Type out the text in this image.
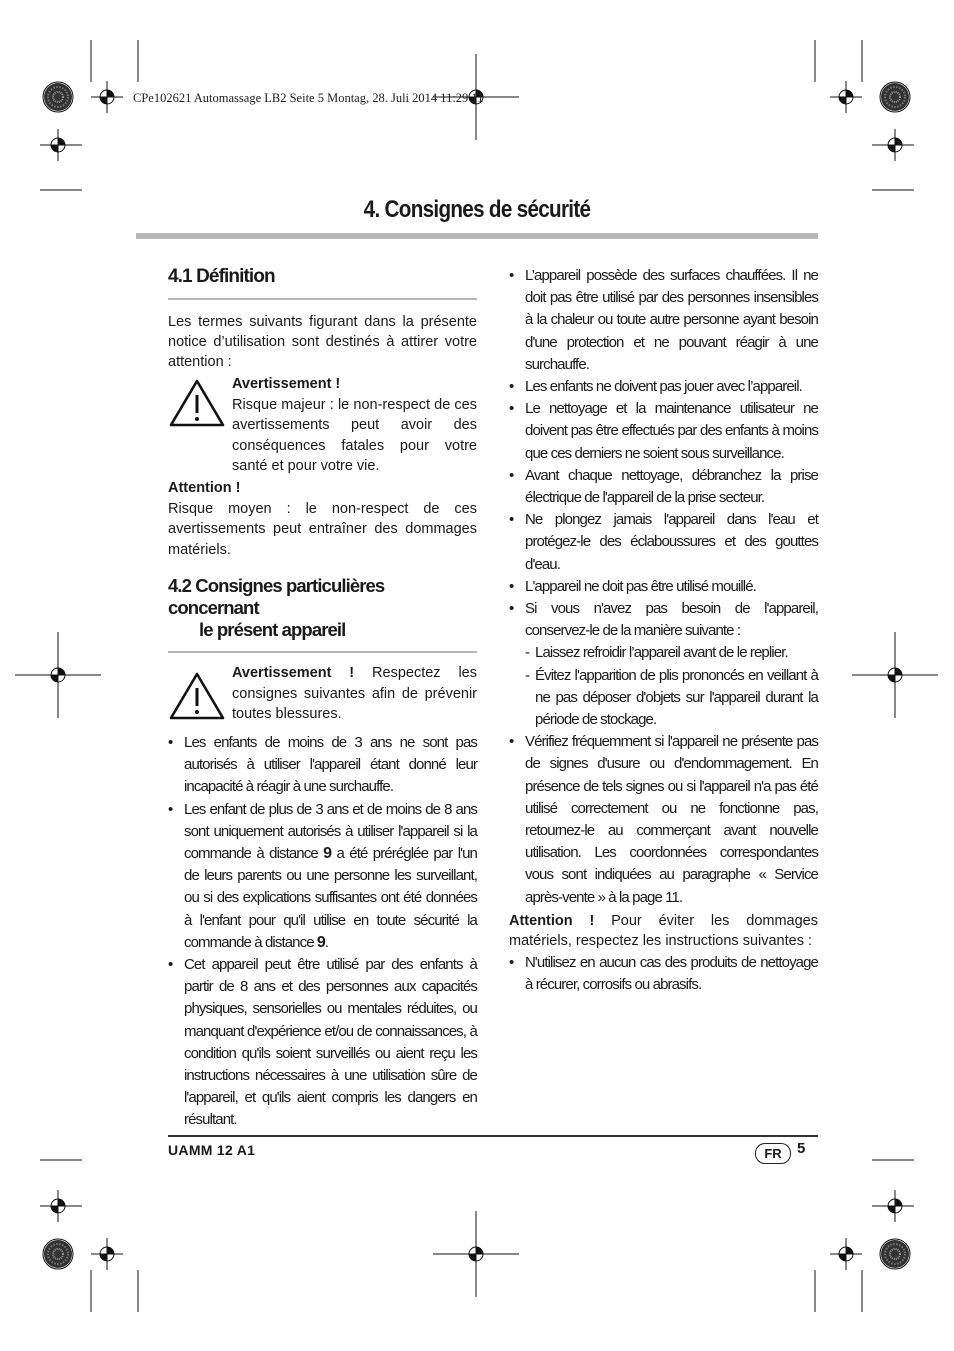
CPe102621 Automassage LB2 Seite 5 Montag, 28. Juli 2014 11:29 11
4. Consignes de sécurité
4.1 Définition

Les termes suivants figurant dans la présente notice d’utilisation sont destinés à attirer votre attention :

Avertissement !

Risque majeur : le non-respect de ces avertissements peut avoir des conséquences fatales pour votre santé et pour votre vie.

Attention !

Risque moyen : le non-respect de ces avertissements peut entraîner des dommages matériels.

4.2 Consignes particulières concernant
le présent appareil

Avertissement ! Respectez les consignes suivantes afin de prévenir toutes blessures.

• Les enfants de moins de 3 ans ne sont pas autorisés à utiliser l'appareil étant donné leur incapacité à réagir à une surchauffe.

• Les enfant de plus de 3 ans et de moins de 8 ans sont uniquement autorisés à utiliser l'appareil si la commande à distance 9 a été préréglée par l'un de leurs parents ou une personne les surveillant, ou si des explications suffisantes ont été données à l'enfant pour qu'il utilise en toute sécurité la commande à distance 9.

• Cet appareil peut être utilisé par des enfants à partir de 8 ans et des personnes aux capacités physiques, sensorielles ou mentales réduites, ou manquant d'expérience et/ou de connaissances, à condition qu'ils soient surveillés ou aient reçu les instructions nécessaires à une utilisation sûre de l'appareil, et qu'ils aient compris les dangers en résultant.

• L’appareil possède des surfaces chauffées. Il ne doit pas être utilisé par des personnes insensibles à la chaleur ou toute autre personne ayant besoin d'une protection et ne pouvant réagir à une surchauffe.

• Les enfants ne doivent pas jouer avec l’appareil.

• Le nettoyage et la maintenance utilisateur ne doivent pas être effectués par des enfants à moins que ces derniers ne soient sous surveillance.

• Avant chaque nettoyage, débranchez la prise électrique de l'appareil de la prise secteur.

• Ne plongez jamais l'appareil dans l'eau et protégez-le des éclaboussures et des gouttes d'eau.

• L'appareil ne doit pas être utilisé mouillé.

• Si vous n'avez pas besoin de l'appareil, conservez-le de la manière suivante :

- Laissez refroidir l’appareil avant de le replier.

- Évitez l'apparition de plis prononcés en veillant à ne pas déposer d'objets sur l'appareil durant la période de stockage.

• Vérifiez fréquemment si l'appareil ne présente pas de signes d'usure ou d'endommagement. En présence de tels signes ou si l'appareil n'a pas été utilisé correctement ou ne fonctionne pas, retournez-le au commerçant avant nouvelle utilisation. Les coordonnées correspondantes vous sont indiquées au paragraphe « Service après-vente » à la page 11.

Attention ! Pour éviter les dommages matériels, respectez les instructions suivantes :

• N'utilisez en aucun cas des produits de nettoyage à récurer, corrosifs ou abrasifs.

UAMM 12 A1	FR	5
